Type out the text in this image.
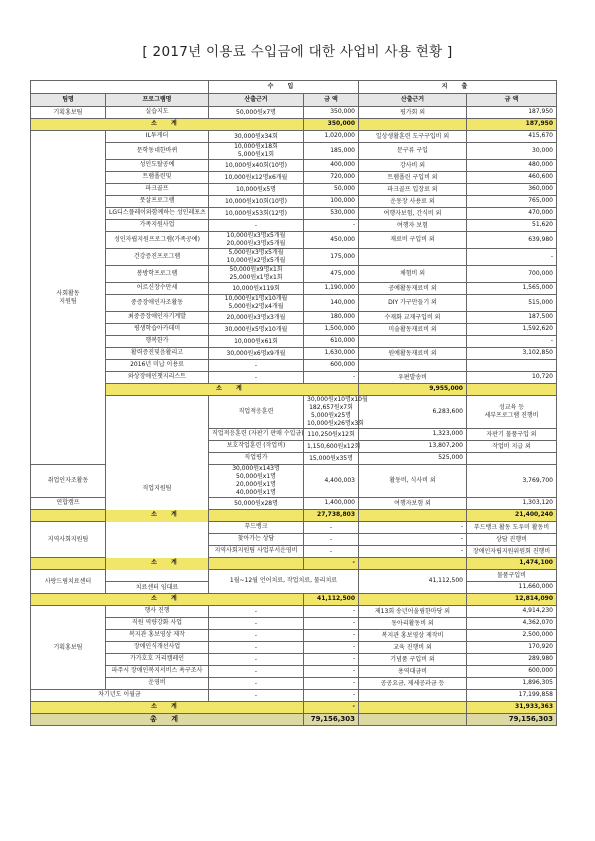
[ 2017년 이용료 수입금에 대한 사업비 사용 현황 ]
		수 입		지 출		
팀명	프로그램명	산출근거	금 액	산출근거	금 액	

기획홍보팀	실습지도	50,000원x7명	350,000	평가회 외	187,950	
소 계			350,000		187,950	

사회활동
지원팀	IL투게더	30,000원x34회	1,020,000	일상생활훈련 도구구입비 외	415,670	
	문학동네한바퀴	10,000원x18회
5,000원x1회	185,000	문구류 구입	30,000	
	성인도탈공예	10,000원x40회(10명)	400,000	강사비 외	480,000	
	트램폴린및	10,000원x12명x6개월	720,000	트램폴린 구입비 외	460,600	
	파크골프	10,000원x5명	50,000	파크골프 입장료 외	360,000	
	풋살프로그램	10,000원x10회(10명)	100,000	운동장 사용료 외	765,000	
	LG디스플레이와함께하는 성인레포츠	10,000원x53회(12명)	530,000	여행자보험, 간식비 외	470,000	
	가족지원사업	-	-	여행자 보험	51,620	
	성인자립지원프로그램(가족공예)	10,000원x3명x5개월
20,000원x3명x5개월	450,000	재료비 구입비 외	639,980	
	건강증진프로그램	5,000원x3명x5개월
10,000원x2명x5개월	175,000		-	
	봉방학프로그램	50,000원x9명x1회
25,000원x1명x1회	475,000	체험비 외	700,000	
	어르신장수만세	10,000원x119회	1,190,000	공예활동재료비 외	1,565,000	
	중증장애인자조활동	10,000원x1명x10개월
5,000원x2명x4개월	140,000	DIY 가구만들기 외	515,000	
	최중증장애인자기계발	20,000원x3명x3개월	180,000	수재화 교재구입비 외	187,500	
	평생학습아카데미	30,000원x5명x10개월	1,500,000	미술활동재료비 외	1,592,620	
	행복한가	10,000원x61회	610,000		-	
	활력증진및음활리고	30,000원x6명x9개월	1,630,000	원예활동재료비 외	3,102,850	
	2016년 미납 이용료	-	600,000			
	와상장애인챗지리스트	-	-	우편발송비	10,720	
	소 계			9,955,000		

	직업지원팀	직업적응훈련	30,000원x10명x10월
182,657원x7회
5,000원x25명
10,000원x26명x3회	6,283,600	성교육 등
세부프로그램 진행비

		직업적응훈련 (자판기 판매 수입금)	110,250원x12회	1,323,000	자판기 물품구입 외

		보호작업훈련 (작업비)	1,150,600원x12회	13,807,200	작업비 지급 외

		직업평가	15,000원x35명	525,000		
취업인자조활동		30,000원x143명
50,000원x1명
20,000원x1명
40,000원x1명	4,400,003	활동비, 식사비 외	3,769,700	
연합캠프		50,000원x28명	1,400,000	여행자보험 외	1,303,120	
소 계			27,738,803		21,400,240	

지역사회지원팀		푸드뱅크	-	-	푸드뱅크 활동 도우미 활동비

		찾아가는 상담	-	-	상담 진행비

		지역사회지원팀 사업부서운영비	-	-	장애인자립지원위원회 진행비

소 계			-		1,474,100	

사랑드림치료센터		1월~12월 언어치료, 작업치료, 물리치료		41,112,500	물품구입비

	치료센터 임대료				11,660,000	
소 계			41,112,500		12,814,090	

기획홍보팀	행사 진행	-	-	제13회 송년어울림한마당 외	4,914,230	
	직원 역량강화 사업	-	-	동아리활동비 외	4,362,070	
	복지관 홍보영상 제작	-	-	복지관 홍보영상 제작비	2,500,000	
	장애인식개선사업	-	-	교육 진행비 외	170,920	
	가가호호 거리캠페인	-	-	기념품 구입비 외	289,980	
	파주시 장애인복지서비스 욕구조사	-	-	용역대금비	600,000	
	운영비	-	-	공공요금, 제세공과금 등	1,896,305	
차기년도 이월금		-	-		17,199,858	
소 계			-		31,933,363	
총 계			79,156,303		79,156,303	
